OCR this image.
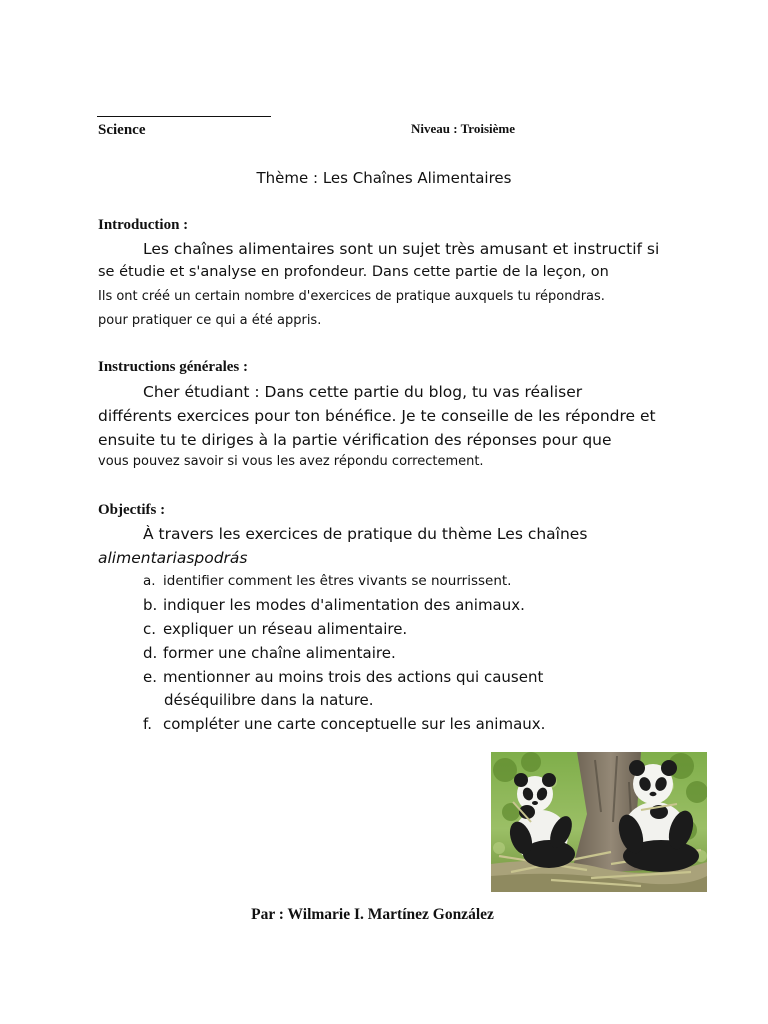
Science	Niveau : Troisième
Thème : Les Chaînes Alimentaires
Introduction :
Les chaînes alimentaires sont un sujet très amusant et instructif si
se étudie et s'analyse en profondeur. Dans cette partie de la leçon, on
Ils ont créé un certain nombre d'exercices de pratique auxquels tu répondras.
pour pratiquer ce qui a été appris.
Instructions générales :
Cher étudiant : Dans cette partie du blog, tu vas réaliser
différents exercices pour ton bénéfice. Je te conseille de les répondre et
ensuite tu te diriges à la partie vérification des réponses pour que
vous pouvez savoir si vous les avez répondu correctement.
Objectifs :
À travers les exercices de pratique du thème Les chaînes
alimentariaspodrás
a. identifier comment les êtres vivants se nourrissent.
b. indiquer les modes d'alimentation des animaux.
c. expliquer un réseau alimentaire.
d. former une chaîne alimentaire.
e. mentionner au moins trois des actions qui causent
déséquilibre dans la nature.
f. compléter une carte conceptuelle sur les animaux.
Par : Wilmarie I. Martínez González
